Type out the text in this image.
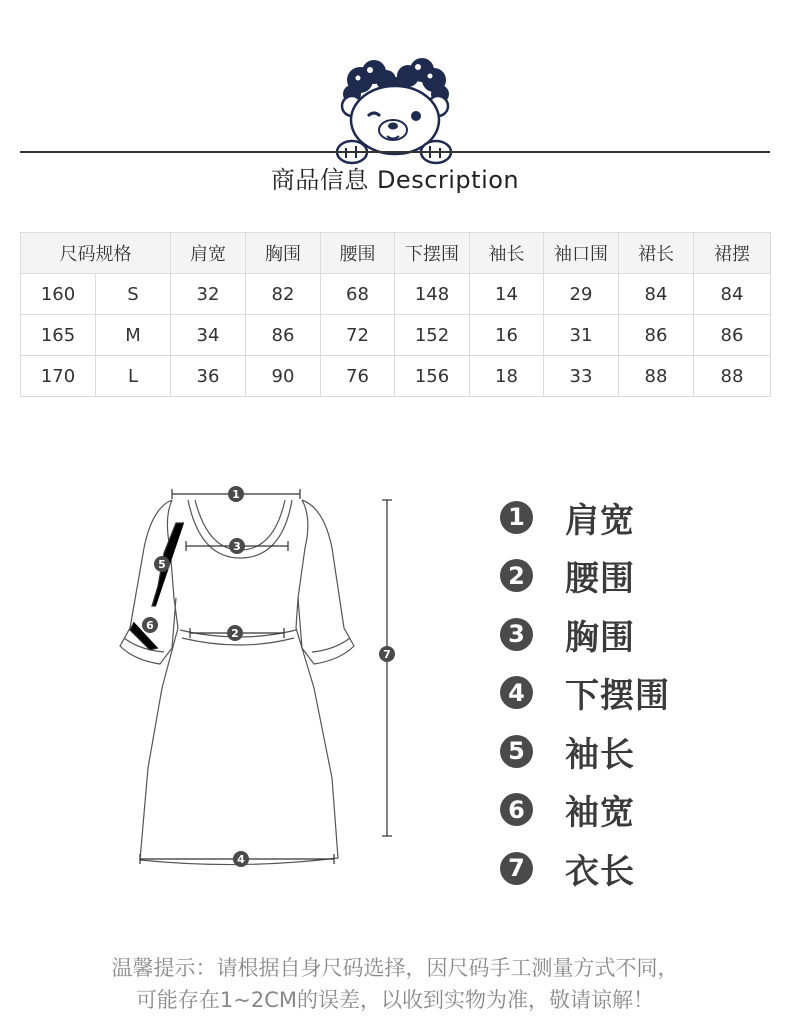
商品信息 Description
尺码规格		肩宽	胸围	腰围	下摆围	袖长	袖口围	裙长	裙摆
160	S	32	82	68	148	14	29	84	84
165	M	34	86	72	152	16	31	86	86
170	L	36	90	76	156	18	33	88	88
1
3
2
4
7
5
6
1 肩宽
2 腰围
3 胸围
4 下摆围
5 袖长
6 袖宽
7 衣长
温馨提示：请根据自身尺码选择，因尺码手工测量方式不同，
可能存在1~2CM的误差，以收到实物为准，敬请谅解！
